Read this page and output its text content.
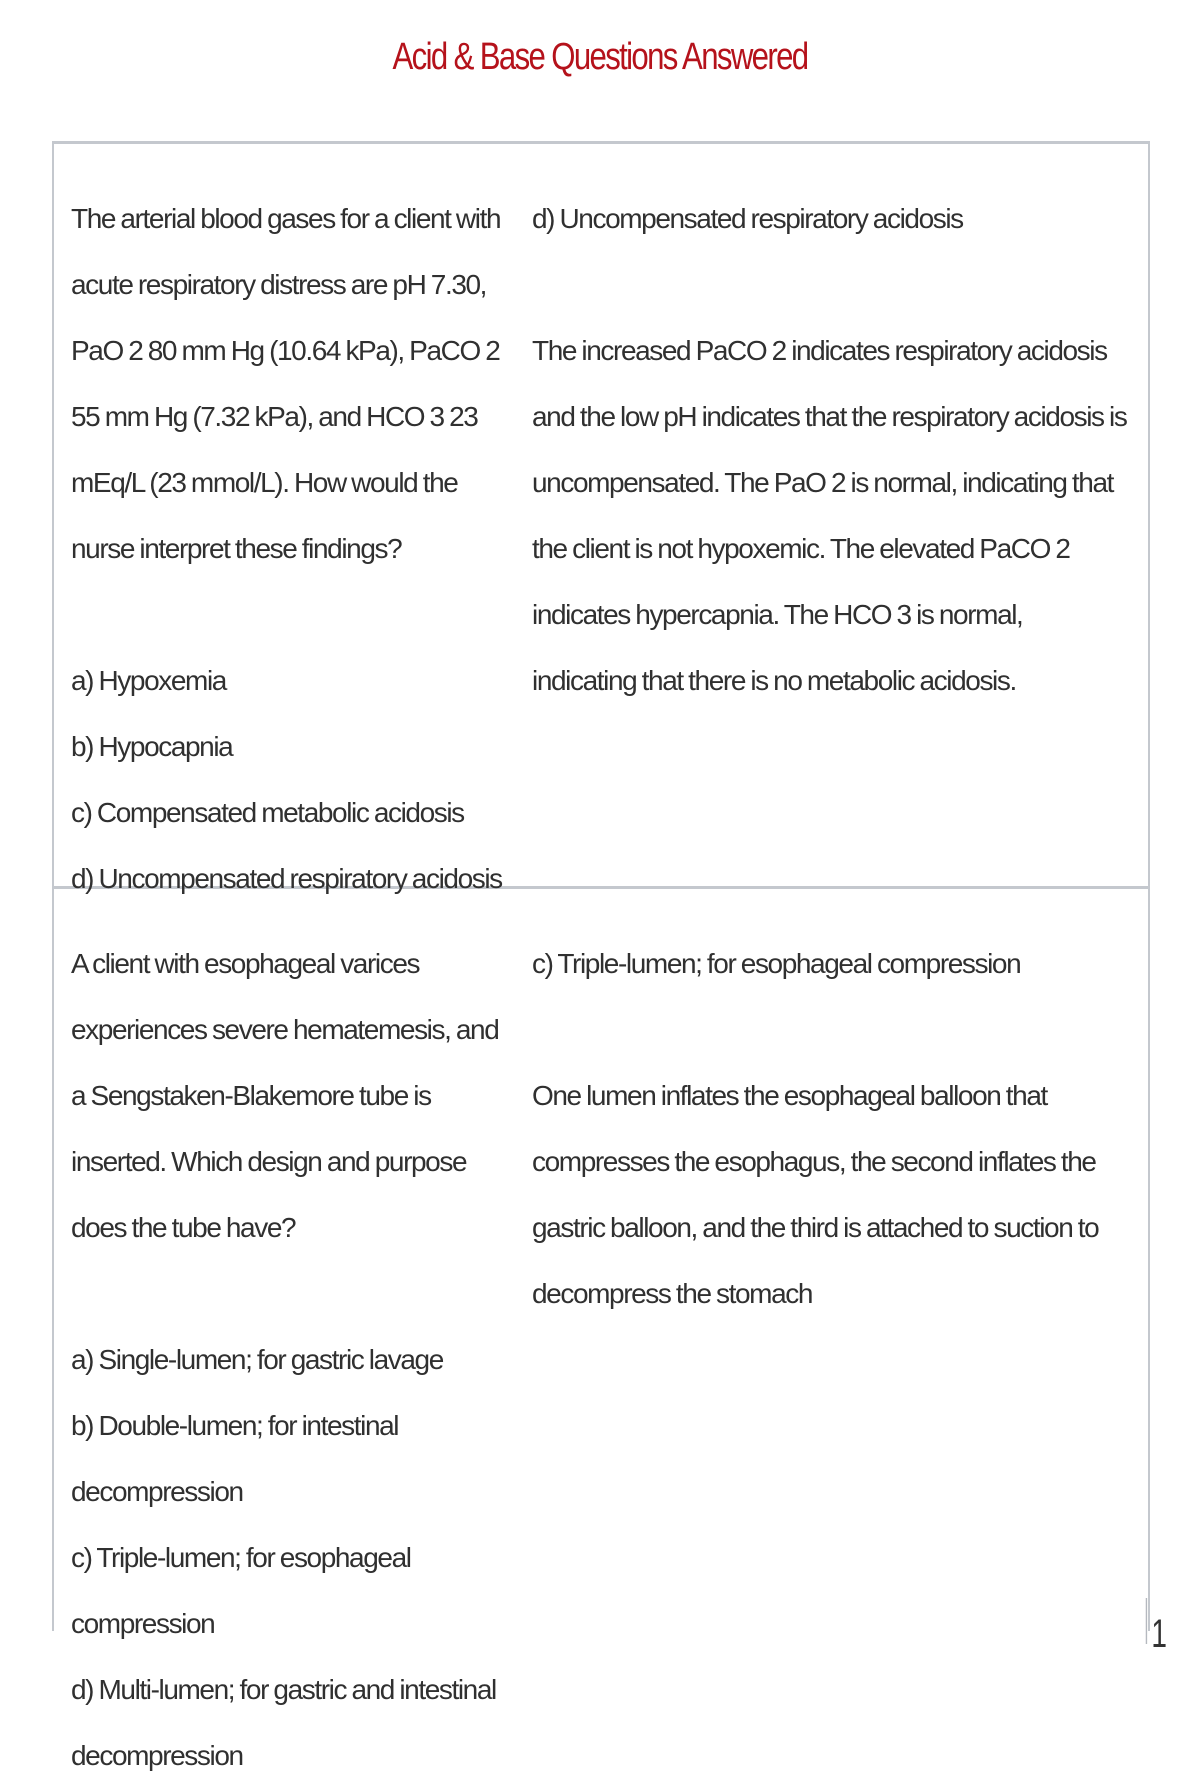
Acid & Base Questions Answered

The arterial blood gases for a client with acute respiratory distress are pH 7.30, PaO 2 80 mm Hg (10.64 kPa), PaCO 2 55 mm Hg (7.32 kPa), and HCO 3 23 mEq/L (23 mmol/L). How would the nurse interpret these findings?

a) Hypoxemia

b) Hypocapnia

c) Compensated metabolic acidosis

d) Uncompensated respiratory acidosis

d) Uncompensated respiratory acidosis

The increased PaCO 2 indicates respiratory acidosis and the low pH indicates that the respiratory acidosis is uncompensated. The PaO 2 is normal, indicating that the client is not hypoxemic. The elevated PaCO 2 indicates hypercapnia. The HCO 3 is normal, indicating that there is no metabolic acidosis.

A client with esophageal varices experiences severe hematemesis, and a Sengstaken-Blakemore tube is inserted. Which design and purpose does the tube have?

a) Single-lumen; for gastric lavage

b) Double-lumen; for intestinal decompression

c) Triple-lumen; for esophageal compression

d) Multi-lumen; for gastric and intestinal decompression

c) Triple-lumen; for esophageal compression

One lumen inflates the esophageal balloon that compresses the esophagus, the second inflates the gastric balloon, and the third is attached to suction to decompress the stomach

1
